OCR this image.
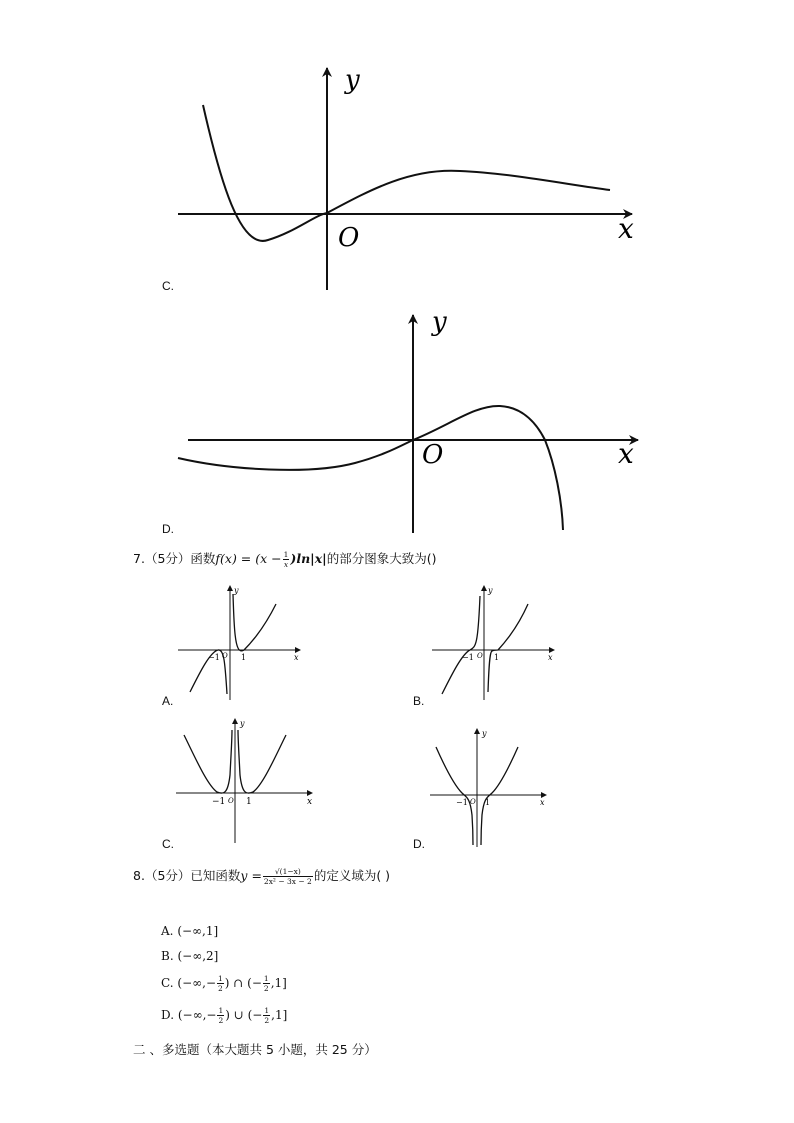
y
x
O
C.
y
x
O
D.
7.（5分）函数$f(x) = (x - \frac{1}{x} )\ln|x|$的部分图象大致为()
y
x
O
−1	1
A.
y
x
O
−1	1
B.
y
x
O
−1 1
C.
y
x
O
−1 1
D.
8.（5分）已知函数$y = \frac{√(1-x)}{\text{2x² − 3x − 2}}$ 的定义域为( )
A. (−∞,1]
B. (−∞,2]
C. (−∞,− $\frac{1}{2}$ ) ∩ (− $\frac{1}{2} ,1$]
D. (−∞,− $\frac{1}{2}$ ) ∪ (− $\frac{1}{2} ,1$]
二 、多选题（本大题共 5 小题，共 25 分）
